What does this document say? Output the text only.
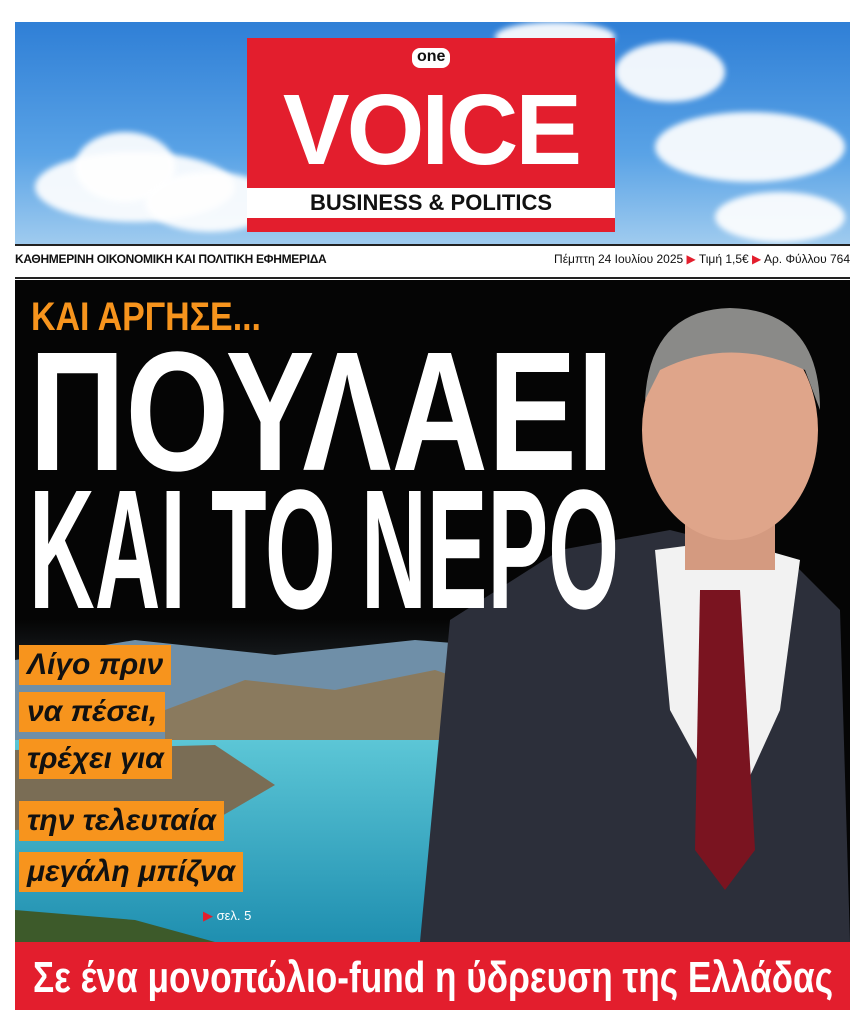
one
VOICE
BUSINESS & POLITICS
ΚΑΘΗΜΕΡΙΝΗ ΟΙΚΟΝΟΜΙΚΗ ΚΑΙ ΠΟΛΙΤΙΚΗ ΕΦΗΜΕΡΙΔΑ	Πέμπτη 24 Ιουλίου 2025 ▶ Τιμή 1,5€ ▶ Αρ. Φύλλου 764
ΚΑΙ ΑΡΓΗΣΕ...
ΠΟΥΛΑΕΙ
ΚΑΙ ΤΟ ΝΕΡΟ
Λίγο πριν
να πέσει,
τρέχει για
την τελευταία
μεγάλη μπίζνα
▶ σελ. 5
Σε ένα μονοπώλιο-fund η ύδρευση της Ελλάδας
